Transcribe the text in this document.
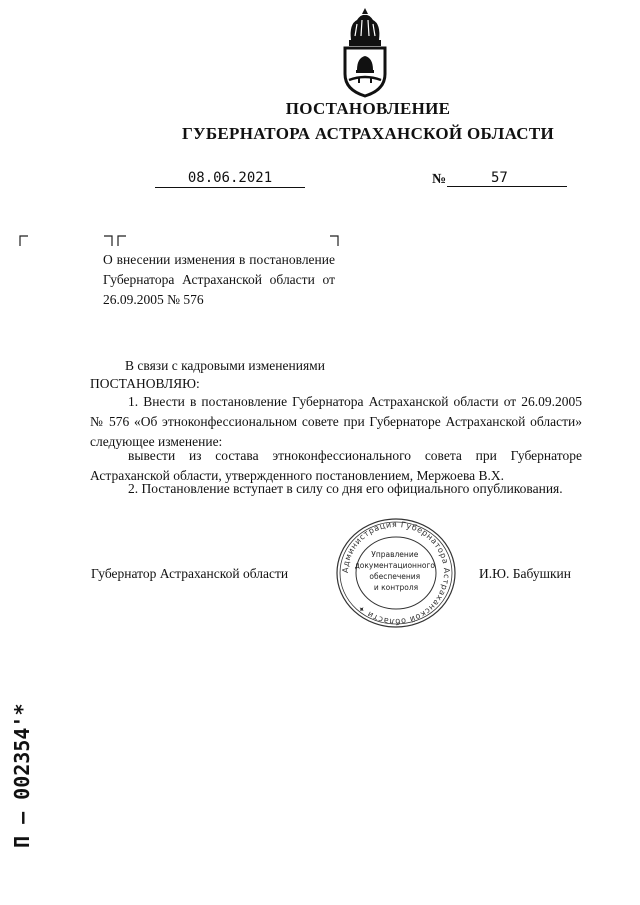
ПОСТАНОВЛЕНИЕ
ГУБЕРНАТОРА АСТРАХАНСКОЙ ОБЛАСТИ
08.06.2021	№	57
О внесении изменения в постановление Губернатора Астраханской области от 26.09.2005 № 576
В связи с кадровыми изменениями
ПОСТАНОВЛЯЮ:
1. Внести в постановление Губернатора Астраханской области от 26.09.2005 № 576 «Об этноконфессиональном совете при Губернаторе Астраханской области» следующее изменение:
вывести из состава этноконфессионального совета при Губернаторе Астраханской области, утвержденного постановлением, Мержоева В.Х.
2. Постановление вступает в силу со дня его официального опубликования.
Губернатор Астраханской области	И.Ю. Бабушкин
Администрация Губернатора Астраханской области ✦
Управление документационного обеспечения и контроля
П – 002354'*
